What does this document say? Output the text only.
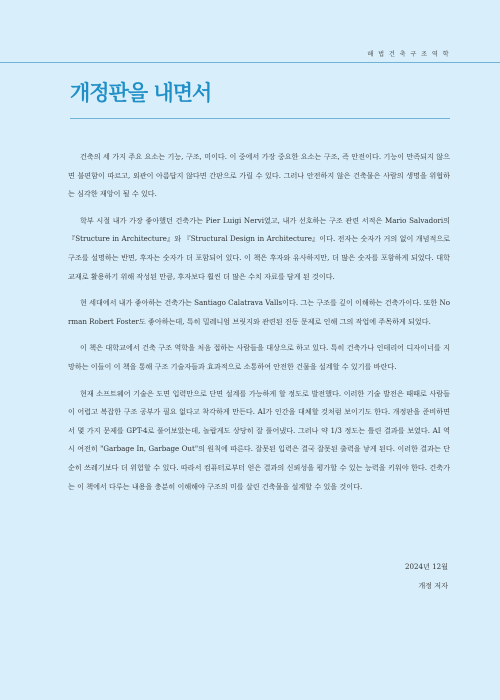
해 법 건 축 구 조 역 학
개정판을 내면서

건축의 세 가지 주요 요소는 기능, 구조, 미이다. 이 중에서 가장 중요한 요소는 구조, 즉 안전이다. 기능이 만족되지 않으면 불편함이 따르고, 외관이 아름답지 않다면 간판으로 가릴 수 있다. 그러나 안전하지 않은 건축물은 사람의 생명을 위협하는 심각한 재앙이 될 수 있다.

학부 시절 내가 가장 좋아했던 건축가는 Pier Luigi Nervi였고, 내가 선호하는 구조 관련 서적은 Mario Salvadori의 『Structure in Architecture』와 『Structural Design in Architecture』이다. 전자는 숫자가 거의 없이 개념적으로 구조를 설명하는 반면, 후자는 숫자가 더 포함되어 있다. 이 책은 후자와 유사하지만, 더 많은 숫자를 포함하게 되었다. 대학교재로 활용하기 위해 작성된 만큼, 후자보다 훨씬 더 많은 수치 자료를 담게 된 것이다.

현 세대에서 내가 좋아하는 건축가는 Santiago Calatrava Valls이다. 그는 구조를 깊이 이해하는 건축가이다. 또한 Norman Robert Foster도 좋아하는데, 특히 밀레니엄 브릿지와 관련된 진동 문제로 인해 그의 작업에 주목하게 되었다.

이 책은 대학교에서 건축 구조 역학을 처음 접하는 사람들을 대상으로 하고 있다. 특히 건축가나 인테리어 디자이너를 지망하는 이들이 이 책을 통해 구조 기술자들과 효과적으로 소통하여 안전한 건물을 설계할 수 있기를 바란다.

현재 소프트웨어 기술은 도면 입력만으로 단면 설계를 가능하게 할 정도로 발전했다. 이러한 기술 발전은 때때로 사람들이 어렵고 복잡한 구조 공부가 필요 없다고 착각하게 만든다. AI가 인간을 대체할 것처럼 보이기도 한다. 개정판을 준비하면서 몇 가지 문제를 GPT-4로 풀어보았는데, 놀랍게도 상당히 잘 풀어냈다. 그러나 약 1/3 정도는 틀린 결과를 보였다. AI 역시 여전히 "Garbage In, Garbage Out"의 원칙에 따른다. 잘못된 입력은 결국 잘못된 출력을 낳게 된다. 이러한 결과는 단순히 쓰레기보다 더 위험할 수 있다. 따라서 컴퓨터로부터 얻은 결과의 신뢰성을 평가할 수 있는 능력을 키워야 한다. 건축가는 이 책에서 다루는 내용을 충분히 이해해야 구조의 미를 살린 건축물을 설계할 수 있을 것이다.

2024년 12월
개정 저자
